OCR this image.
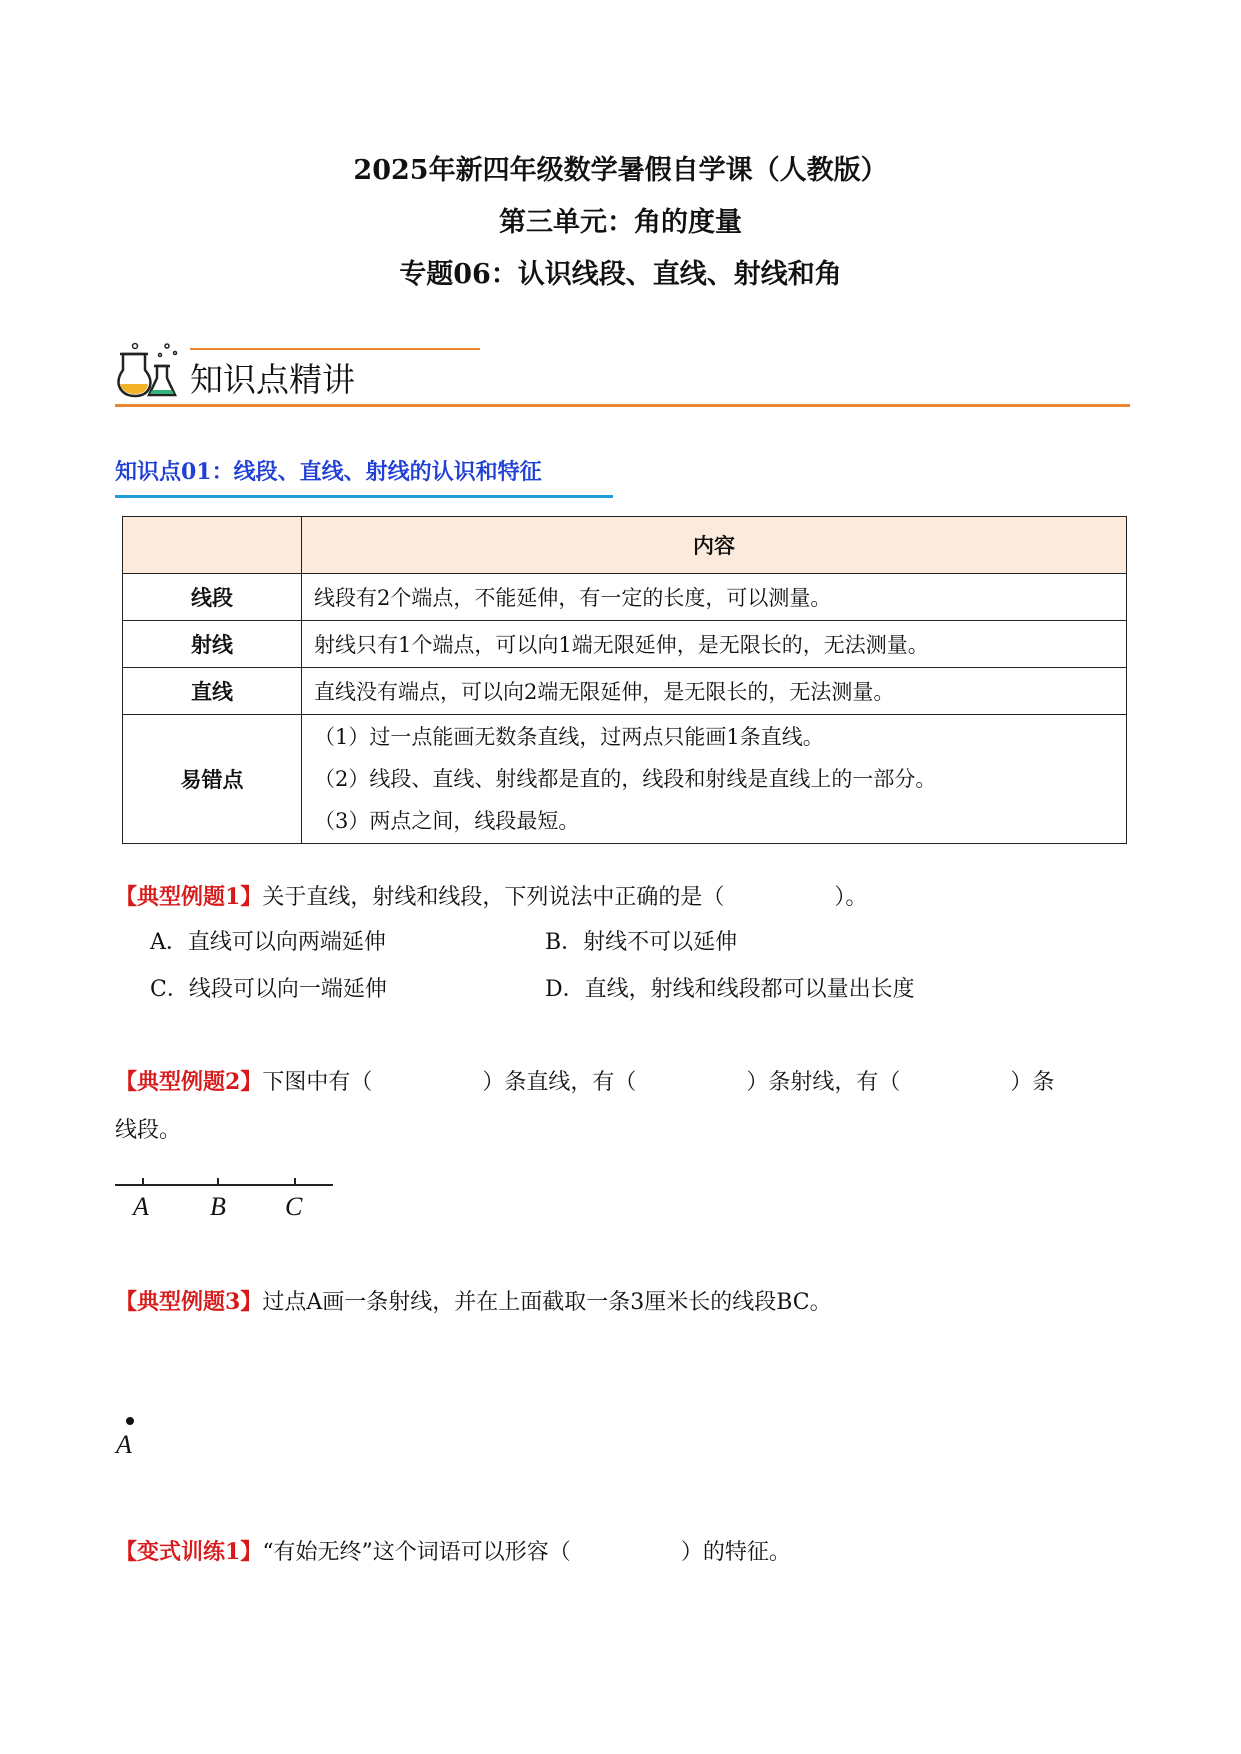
2025年新四年级数学暑假自学课（人教版）
第三单元：角的度量
专题06：认识线段、直线、射线和角
知识点精讲
知识点01：线段、直线、射线的认识和特征
	内容
线段	线段有2个端点，不能延伸，有一定的长度，可以测量。
射线	射线只有1个端点，可以向1端无限延伸，是无限长的，无法测量。
直线	直线没有端点，可以向2端无限延伸，是无限长的，无法测量。
易错点	（1）过一点能画无数条直线，过两点只能画1条直线。
（2）线段、直线、射线都是直的，线段和射线是直线上的一部分。
（3）两点之间，线段最短。
【典型例题1】关于直线，射线和线段，下列说法中正确的是（	）。
A．直线可以向两端延伸	B．射线不可以延伸
C．线段可以向一端延伸	D．直线，射线和线段都可以量出长度
【典型例题2】下图中有（	）条直线，有（	）条射线，有（	）条
线段。
A B C
【典型例题3】过点A画一条射线，并在上面截取一条3厘米长的线段BC。
A
【变式训练1】“有始无终”这个词语可以形容（	）的特征。
